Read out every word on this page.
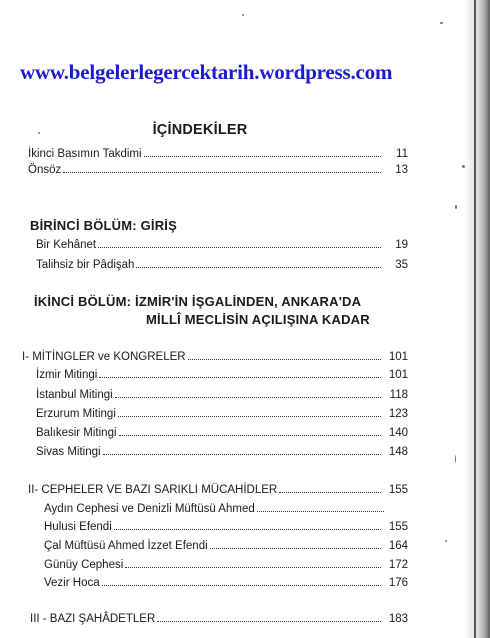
www.belgelerlegercektarih.wordpress.com
İÇİNDEKİLER
İkinci Basımın Takdimi	11
Önsöz	13
BİRİNCİ BÖLÜM: GİRİŞ
Bir Kehânet	19
Talihsiz bir Pâdişah	35
İKİNCİ BÖLÜM: İZMİR'İN İŞGALİNDEN, ANKARA'DA
MİLLÎ MECLİSİN AÇILIŞINA KADAR
I- MİTİNGLER ve KONGRELER	101
İzmir Mitingi	101
İstanbul Mitingi	118
Erzurum Mitingi	123
Balıkesir Mitingi	140
Sivas Mitingi	148
II- CEPHELER VE BAZI SARIKLI MÜCAHİDLER	155
Aydın Cephesi ve Denizli Müftüsü Ahmed
Hulusi Efendi	155
Çal Müftüsü Ahmed İzzet Efendi	164
Günüy Cephesi	172
Vezir Hoca	176
III - BAZI ŞAHÂDETLER	183
